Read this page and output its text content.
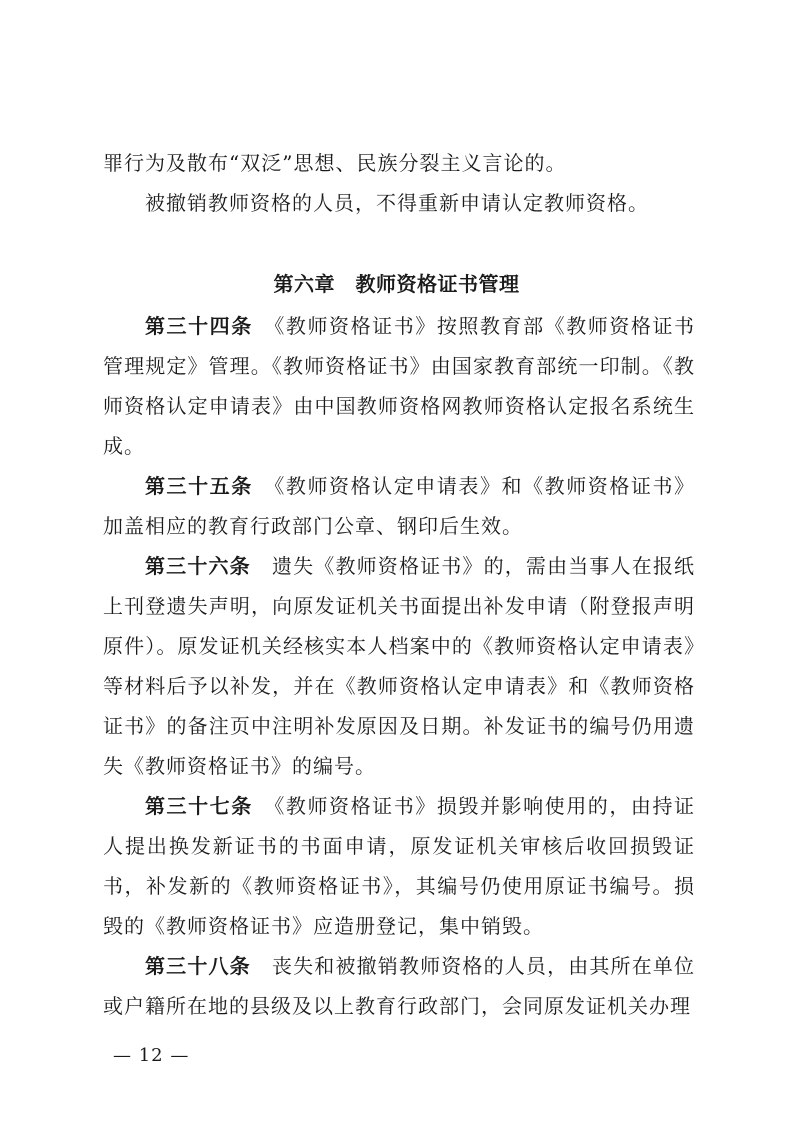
罪行为及散布“双泛”思想、民族分裂主义言论的。

被撤销教师资格的人员，不得重新申请认定教师资格。

第六章　教师资格证书管理

第三十四条　 《教师资格证书》按照教育部《教师资格证书管理规定》管理。《教师资格证书》由国家教育部统一印制。《教师资格认定申请表》由中国教师资格网教师资格认定报名系统生成。

第三十五条　 《教师资格认定申请表》和《教师资格证书》加盖相应的教育行政部门公章、钢印后生效。

第三十六条　 遗失《教师资格证书》的，需由当事人在报纸上刊登遗失声明，向原发证机关书面提出补发申请（附登报声明原件）。原发证机关经核实本人档案中的《教师资格认定申请表》等材料后予以补发，并在《教师资格认定申请表》和《教师资格证书》的备注页中注明补发原因及日期。补发证书的编号仍用遗失《教师资格证书》的编号。

第三十七条　 《教师资格证书》损毁并影响使用的，由持证人提出换发新证书的书面申请，原发证机关审核后收回损毁证书，补发新的《教师资格证书》，其编号仍使用原证书编号。损毁的《教师资格证书》应造册登记，集中销毁。

第三十八条　 丧失和被撤销教师资格的人员，由其所在单位或户籍所在地的县级及以上教育行政部门，会同原发证机关办理

— 12 —
